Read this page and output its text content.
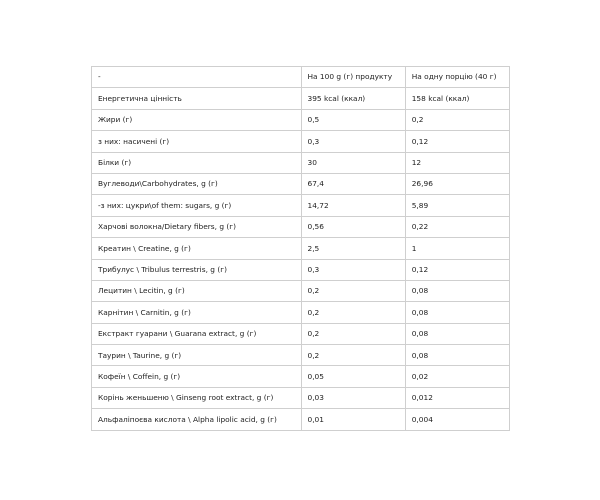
-	На 100 g (г) продукту	На одну порцію (40 г)
Енергетична цінність	395 kcal (ккал)	158 kcal (ккал)
Жири (г)	0,5	0,2
з них: насичені (г)	0,3	0,12
Білки (г)	30	12
Вуглеводи\Carbohydrates, g (г)	67,4	26,96
-з них: цукри\of them: sugars, g (г)	14,72	5,89
Харчові волокна/Dietary fibers, g (г)	0,56	0,22
Креатин \ Creatine, g (г)	2,5	1
Трибулус \ Tribulus terrestris, g (г)	0,3	0,12
Лецитин \ Lecitin, g (г)	0,2	0,08
Карнітин \ Carnitin, g (г)	0,2	0,08
Екстракт гуарани \ Guarana extract, g (г)	0,2	0,08
Таурин \ Taurine, g (г)	0,2	0,08
Кофеїн \ Coffein, g (г)	0,05	0,02
Корінь женьшеню \ Ginseng root extract, g (г)	0,03	0,012
Альфаліпоєва кислота \ Alpha lipolic acid, g (г)	0,01	0,004
